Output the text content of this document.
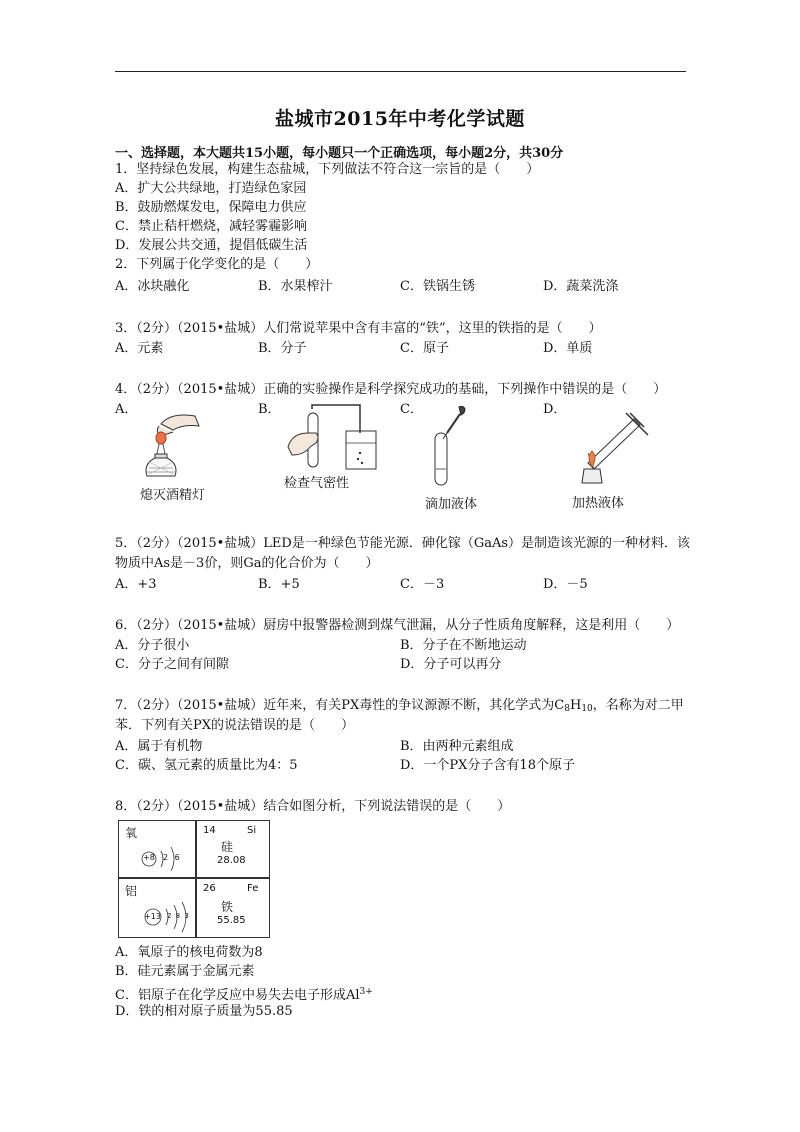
盐城市2015年中考化学试题
一、选择题，本大题共15小题，每小题只一个正确选项，每小题2分，共30分
1．坚持绿色发展，构建生态盐城，下列做法不符合这一宗旨的是（　　）
A．扩大公共绿地，打造绿色家园
B．鼓励燃煤发电，保障电力供应
C．禁止秸杆燃烧，减轻雾霾影响
D．发展公共交通，提倡低碳生活
2．下列属于化学变化的是（　　）
A．冰块融化	B．水果榨汁	C．铁锅生锈	D．蔬菜洗涤
3．（2分）（2015•盐城）人们常说苹果中含有丰富的“铁”，这里的铁指的是（　　）
A．元素	B．分子	C．原子	D．单质
4．（2分）（2015•盐城）正确的实验操作是科学探究成功的基础，下列操作中错误的是（　　）
A．	B．	C．	D．
熄灭酒精灯
检查气密性
滴加液体	加热液体
5．（2分）（2015•盐城）LED是一种绿色节能光源．砷化镓（GaAs）是制造该光源的一种材料．该
物质中As是－3价，则Ga的化合价为（　　）
A．+3	B．+5	C．－3	D．－5
6．（2分）（2015•盐城）厨房中报警器检测到煤气泄漏，从分子性质角度解释，这是利用（　　）
A．分子很小	B．分子在不断地运动
C．分子之间有间隙	D．分子可以再分
7．（2分）（2015•盐城）近年来，有关PX毒性的争议源源不断，其化学式为$C_8H_{10}$，名称为对二甲
苯．下列有关PX的说法错误的是（　　）
A．属于有机物	B．由两种元素组成
C．碳、氢元素的质量比为4：5	D．一个PX分子含有18个原子
8．（2分）（2015•盐城）结合如图分析，下列说法错误的是（　　）
氧
+8 2 6
14	Si
硅
28.08
铝
+13 2 8 3
26	Fe
铁
55.85
A．氧原子的核电荷数为8
B．硅元素属于金属元素
C．铝原子在化学反应中易失去电子形成$Al^{3+}$
D．铁的相对原子质量为55.85
